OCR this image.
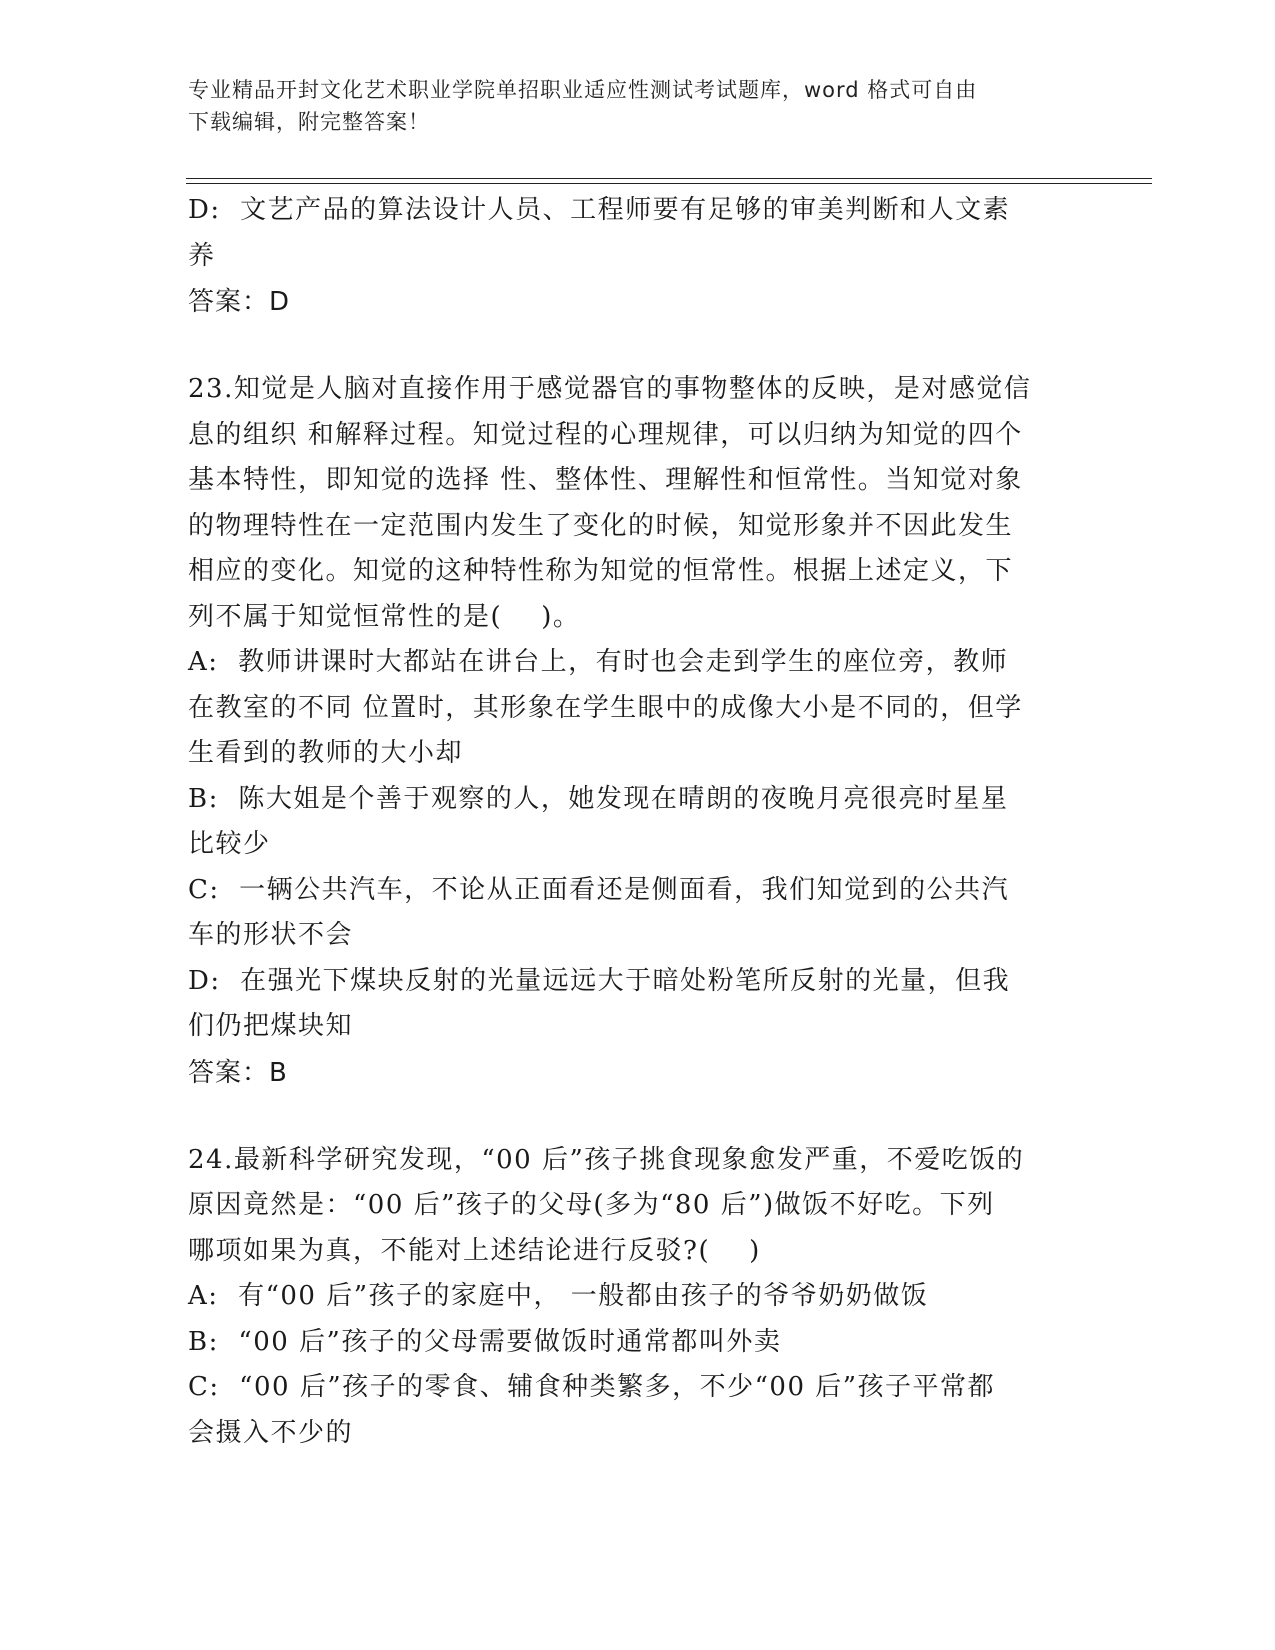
专业精品开封文化艺术职业学院单招职业适应性测试考试题库，word 格式可自由
下载编辑，附完整答案！
D:  文艺产品的算法设计人员、工程师要有足够的审美判断和人文素
养
答案：D
23.知觉是人脑对直接作用于感觉器官的事物整体的反映，是对感觉信
息的组织 和解释过程。知觉过程的心理规律，可以归纳为知觉的四个
基本特性，即知觉的选择 性、整体性、理解性和恒常性。当知觉对象
的物理特性在一定范围内发生了变化的时候，知觉形象并不因此发生
相应的变化。知觉的这种特性称为知觉的恒常性。根据上述定义，下
列不属于知觉恒常性的是(    )。
A:  教师讲课时大都站在讲台上，有时也会走到学生的座位旁，教师
在教室的不同 位置时，其形象在学生眼中的成像大小是不同的，但学
生看到的教师的大小却
B:  陈大姐是个善于观察的人，她发现在晴朗的夜晚月亮很亮时星星
比较少
C:  一辆公共汽车，不论从正面看还是侧面看，我们知觉到的公共汽
车的形状不会
D:  在强光下煤块反射的光量远远大于暗处粉笔所反射的光量，但我
们仍把煤块知
答案：B
24.最新科学研究发现，“00 后”孩子挑食现象愈发严重，不爱吃饭的
原因竟然是：“00 后”孩子的父母(多为“80 后”)做饭不好吃。下列
哪项如果为真，不能对上述结论进行反驳?(    )
A:  有“00 后”孩子的家庭中， 一般都由孩子的爷爷奶奶做饭
B:  “00 后”孩子的父母需要做饭时通常都叫外卖
C:  “00 后”孩子的零食、辅食种类繁多，不少“00 后”孩子平常都
会摄入不少的
